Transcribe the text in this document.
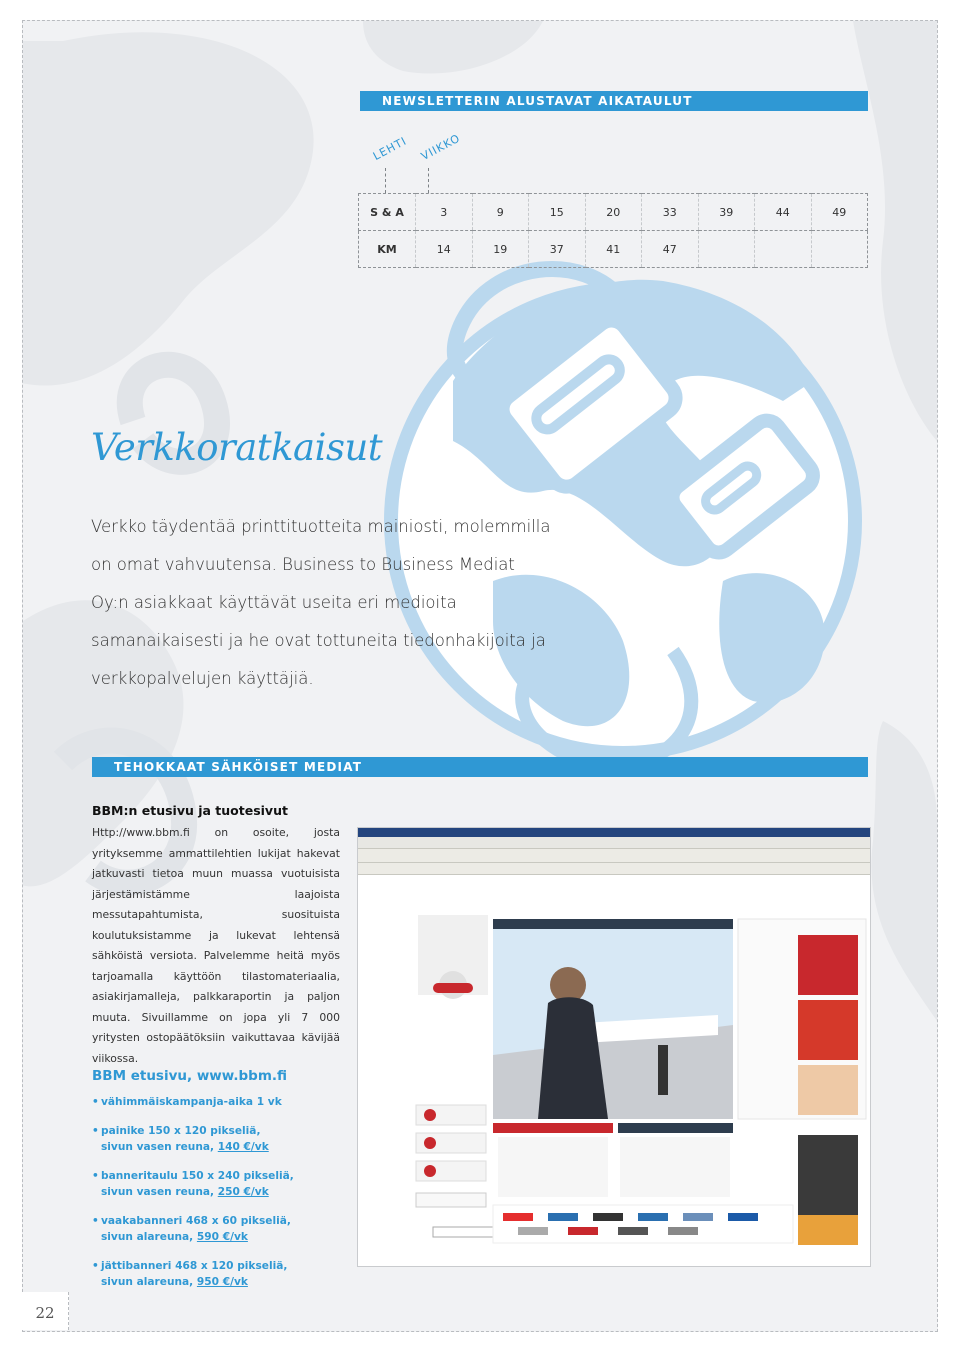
NEWSLETTERIN ALUSTAVAT AIKATAULUT
LEHTI VIIKKO
S & A	3	9	15	20	33	39	44	49
KM	14	19	37	41	47			
Verkkoratkaisut

Verkko täydentää printtituotteita mainiosti, molemmilla on omat vahvuutensa. Business to Business Mediat Oy:n asiakkaat käyttävät useita eri medioita samanaikaisesti ja he ovat tottuneita tiedonhakijoita ja verkkopalvelujen käyttäjiä.

TEHOKKAAT SÄHKÖISET MEDIAT
BBM:n etusivu ja tuotesivut

Http://www.bbm.fi on osoite, josta yrityksemme ammattilehtien lukijat hakevat jatkuvasti tietoa muun muassa vuotuisista järjestämistämme laajoista messutapahtumista, suosituista koulutuksistamme ja lukevat lehtensä sähköistä versiota. Palvelemme heitä myös tarjoamalla käyttöön tilastomateriaalia, asiakirjamalleja, palkkaraportin ja paljon muuta. Sivuillamme on jopa yli 7 000 yritysten ostopäätöksiin vaikuttavaa kävijää viikossa.

BBM etusivu, www.bbm.fi
• vähimmäiskampanja-aika 1 vk
• painike 150 x 120 pikseliä,
sivun vasen reuna, 140 €/vk
• banneritaulu 150 x 240 pikseliä,
sivun vasen reuna, 250 €/vk
• vaakabanneri 468 x 60 pikseliä,
sivun alareuna, 590 €/vk
• jättibanneri 468 x 120 pikseliä,
sivun alareuna, 950 €/vk
22
